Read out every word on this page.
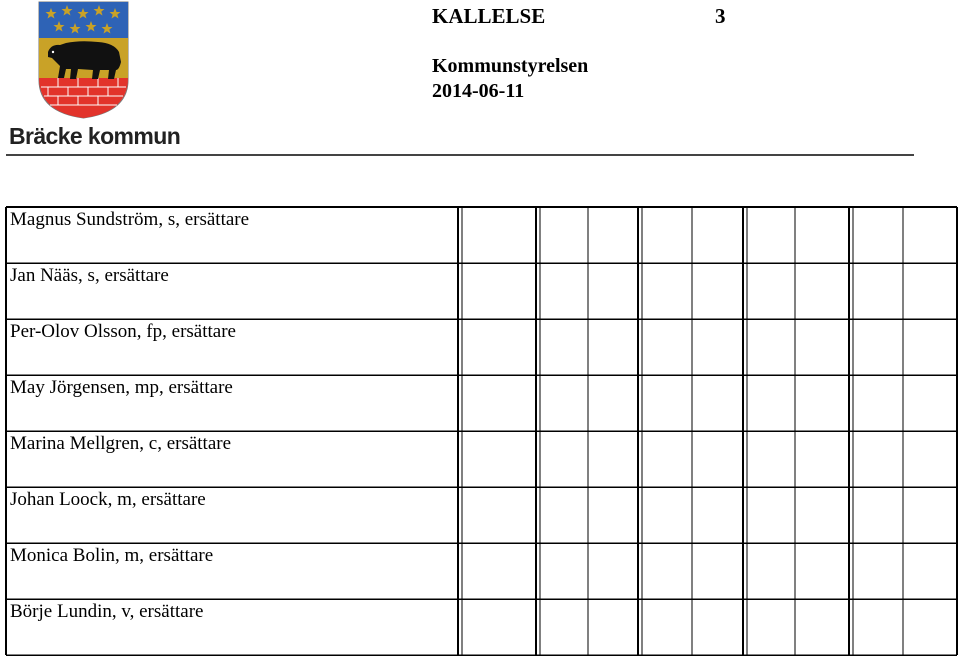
Bräcke kommun
KALLELSE	3
Kommunstyrelsen
2014-06-11
Magnus Sundström, s, ersättare
Jan Nääs, s, ersättare
Per-Olov Olsson, fp, ersättare
May Jörgensen, mp, ersättare
Marina Mellgren, c, ersättare
Johan Loock, m, ersättare
Monica Bolin, m, ersättare
Börje Lundin, v, ersättare
